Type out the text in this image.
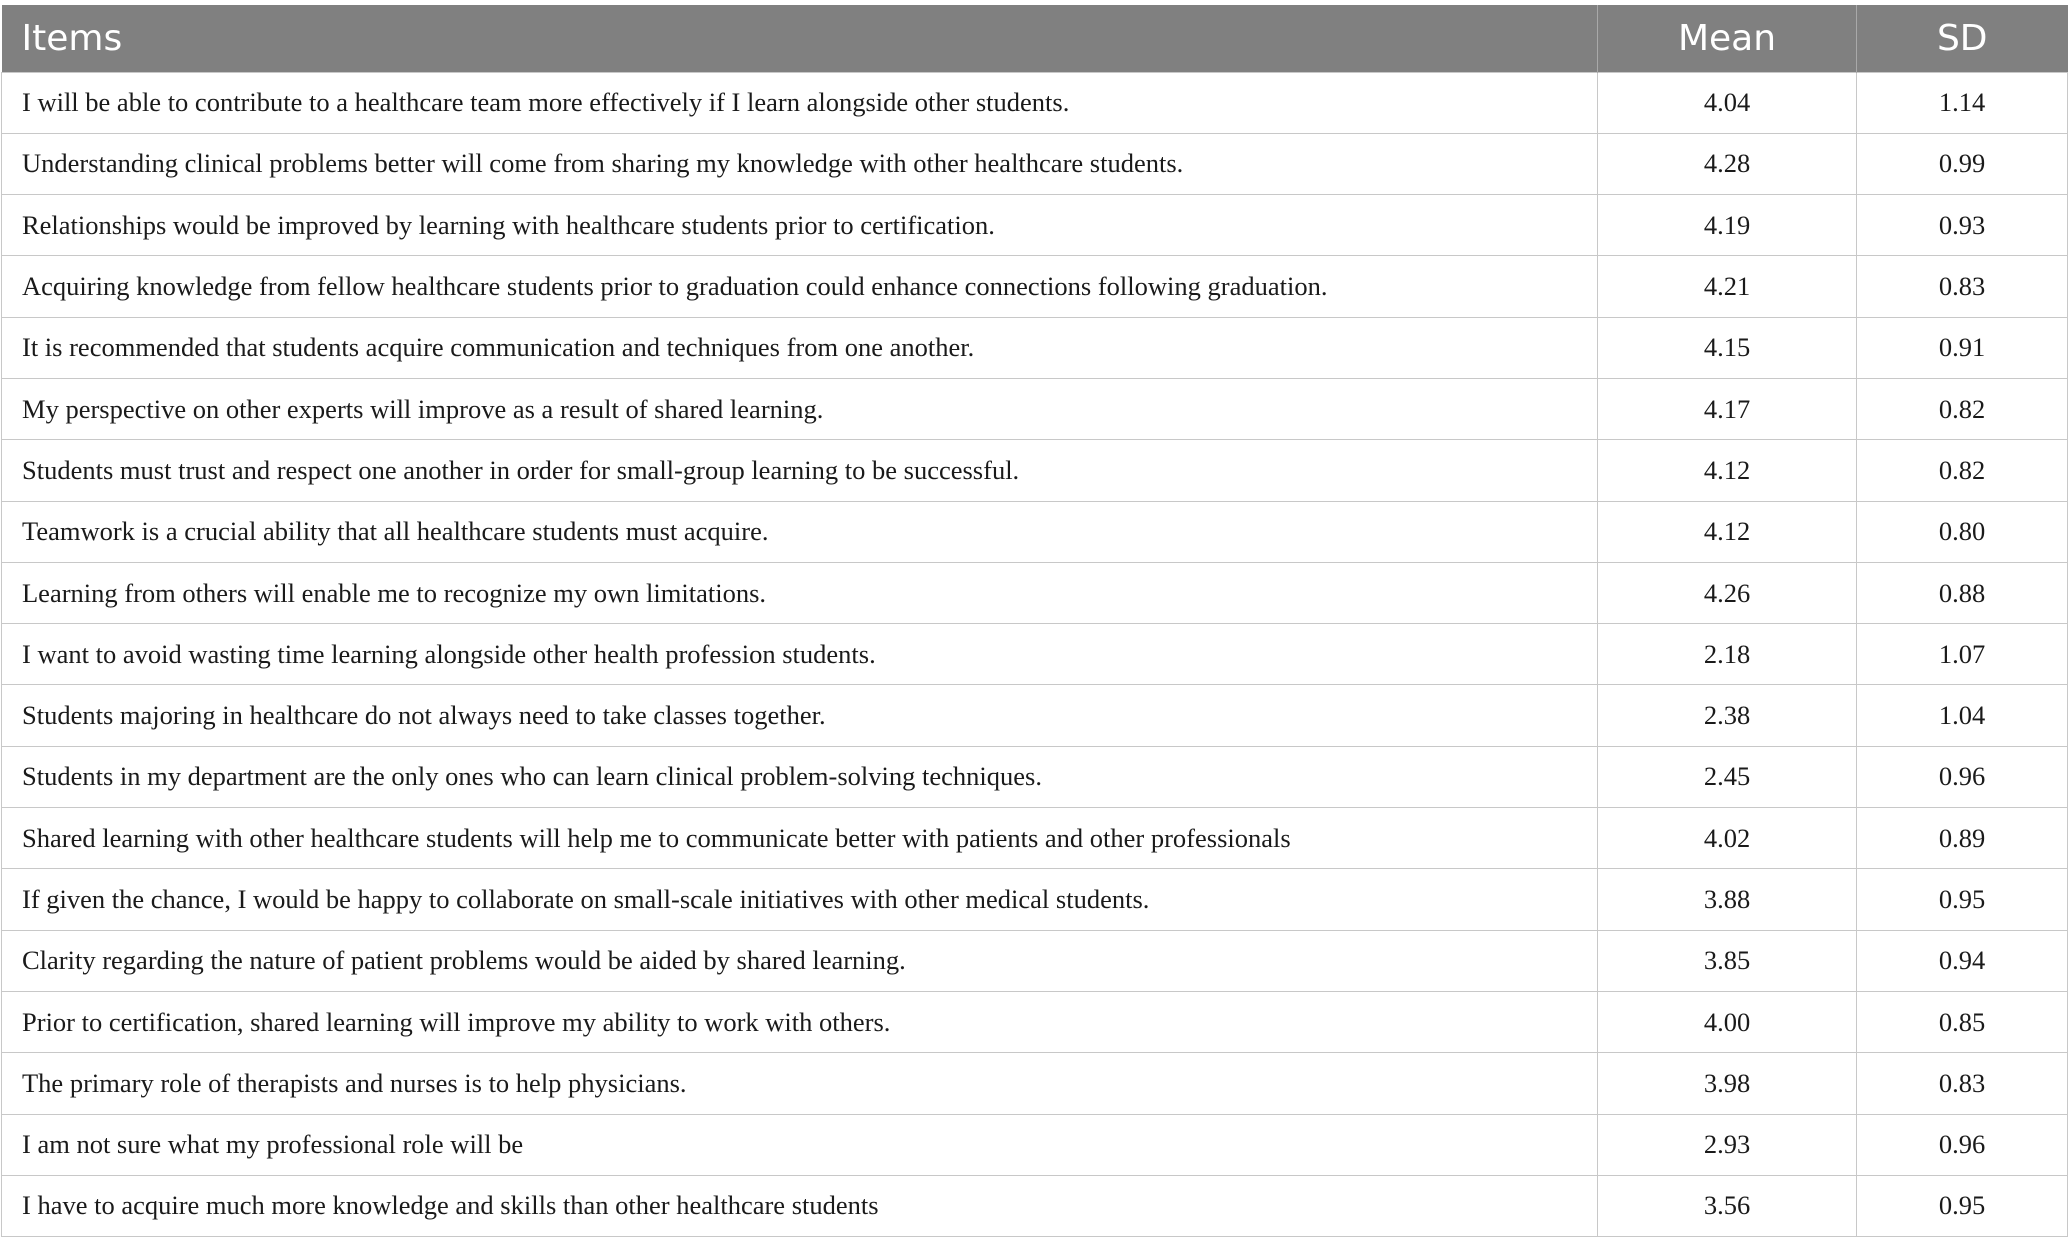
Items	Mean	SD
I will be able to contribute to a healthcare team more effectively if I learn alongside other students.	4.04	1.14
Understanding clinical problems better will come from sharing my knowledge with other healthcare students.	4.28	0.99
Relationships would be improved by learning with healthcare students prior to certification.	4.19	0.93
Acquiring knowledge from fellow healthcare students prior to graduation could enhance connections following graduation.	4.21	0.83
It is recommended that students acquire communication and techniques from one another.	4.15	0.91
My perspective on other experts will improve as a result of shared learning.	4.17	0.82
Students must trust and respect one another in order for small-group learning to be successful.	4.12	0.82
Teamwork is a crucial ability that all healthcare students must acquire.	4.12	0.80
Learning from others will enable me to recognize my own limitations.	4.26	0.88
I want to avoid wasting time learning alongside other health profession students.	2.18	1.07
Students majoring in healthcare do not always need to take classes together.	2.38	1.04
Students in my department are the only ones who can learn clinical problem-solving techniques.	2.45	0.96
Shared learning with other healthcare students will help me to communicate better with patients and other professionals	4.02	0.89
If given the chance, I would be happy to collaborate on small-scale initiatives with other medical students.	3.88	0.95
Clarity regarding the nature of patient problems would be aided by shared learning.	3.85	0.94
Prior to certification, shared learning will improve my ability to work with others.	4.00	0.85
The primary role of therapists and nurses is to help physicians.	3.98	0.83
I am not sure what my professional role will be	2.93	0.96
I have to acquire much more knowledge and skills than other healthcare students	3.56	0.95
